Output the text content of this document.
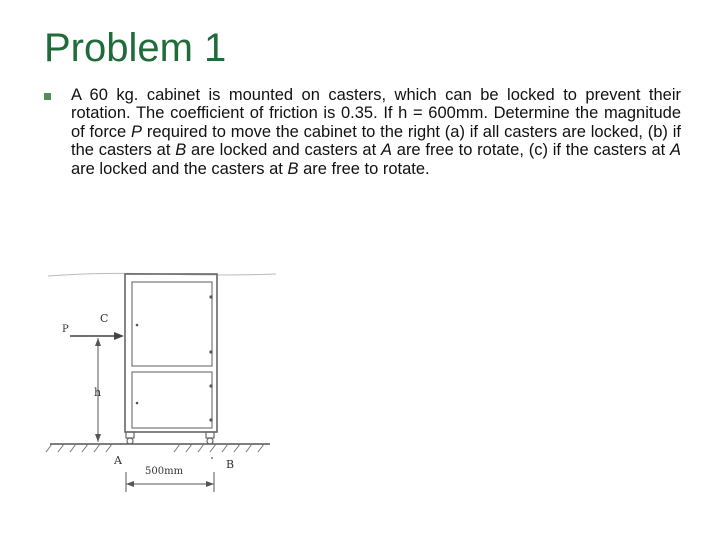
Problem 1
A 60 kg. cabinet is mounted on casters, which can be locked to prevent their rotation. The coefficient of friction is 0.35. If h = 600mm. Determine the magnitude of force P required to move the cabinet to the right (a) if all casters are locked, (b) if the casters at B are locked and casters at A are free to rotate, (c) if the casters at A are locked and the casters at B are free to rotate.
P
C
h
A	B
500mm
